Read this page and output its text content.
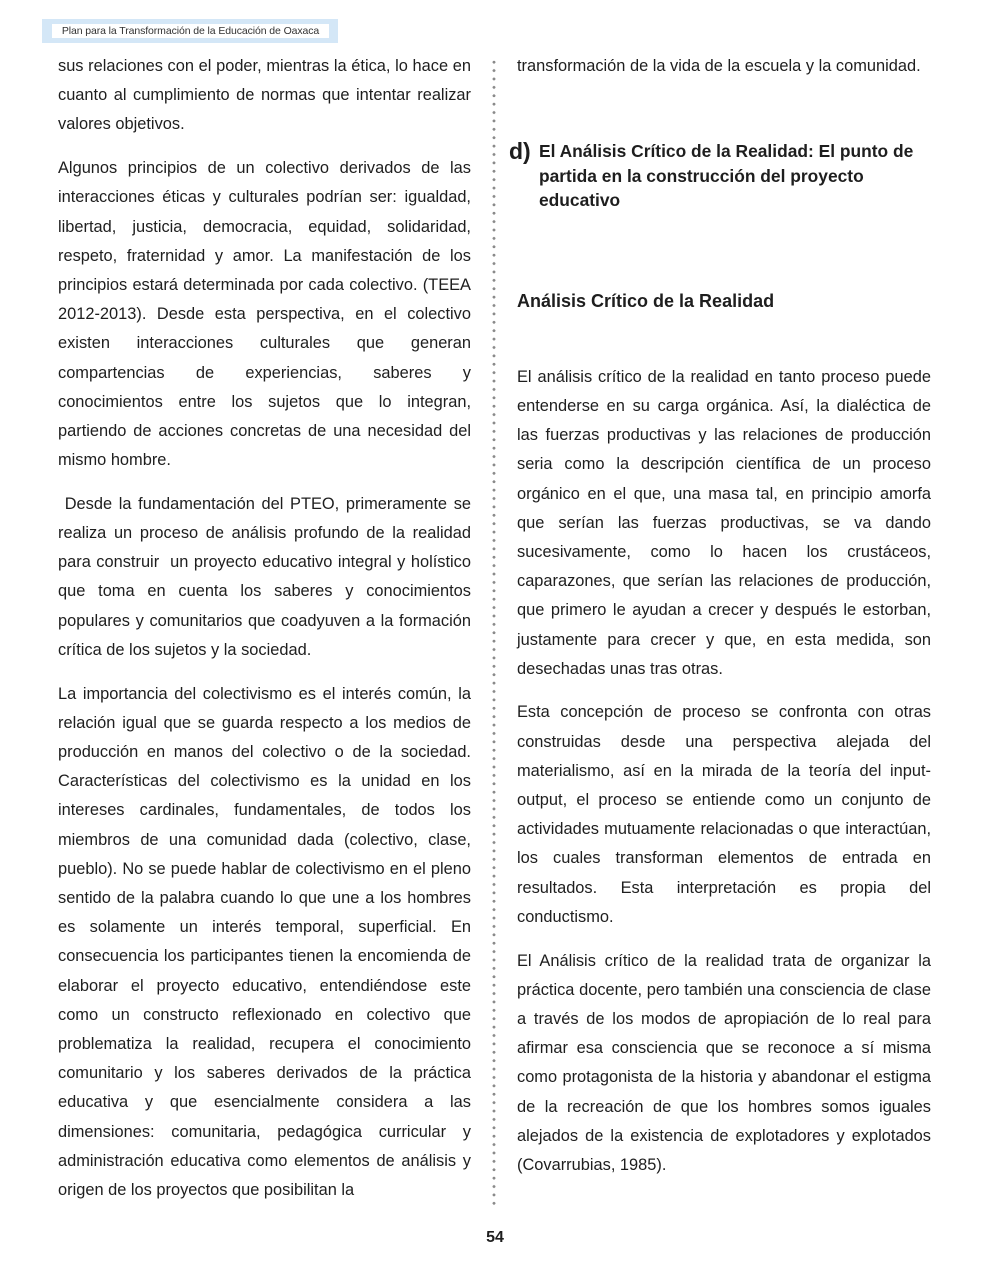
Plan para la Transformación de la Educación de Oaxaca

sus relaciones con el poder, mientras la ética, lo hace en cuanto al cumplimiento de normas que intentar realizar valores objetivos.

Algunos principios de un colectivo derivados de las interacciones éticas y culturales podrían ser: igualdad, libertad, justicia, democracia, equidad, solidaridad, respeto, fraternidad y amor. La manifestación de los principios estará determinada por cada colectivo. (TEEA 2012-2013). Desde esta perspectiva, en el colectivo existen interacciones culturales que generan compartencias de experiencias, saberes y conocimientos entre los sujetos que lo integran, partiendo de acciones concretas de una necesidad del mismo hombre.

Desde la fundamentación del PTEO, primeramente se realiza un proceso de análisis profundo de la realidad para construir  un proyecto educativo integral y holístico que toma en cuenta los saberes y conocimientos populares y comunitarios que coadyuven a la formación crítica de los sujetos y la sociedad.

La importancia del colectivismo es el interés común, la relación igual que se guarda respecto a los medios de producción en manos del colectivo o de la sociedad. Características del colectivismo es la unidad en los intereses cardinales, fundamentales, de todos los miembros de una comunidad dada (colectivo, clase, pueblo). No se puede hablar de colectivismo en el pleno sentido de la palabra cuando lo que une a los hombres es solamente un interés temporal, superficial. En consecuencia los participantes tienen la encomienda de elaborar el proyecto educativo, entendiéndose este como un constructo reflexionado en colectivo que problematiza la realidad, recupera el conocimiento comunitario y los saberes derivados de la práctica educativa y que esencialmente considera a las dimensiones: comunitaria, pedagógica curricular y administración educativa como elementos de análisis y origen de los proyectos que posibilitan la

transformación de la vida de la escuela y la comunidad.

d) El Análisis Crítico de la Realidad: El punto de partida en la construcción del proyecto educativo
Análisis Crítico de la Realidad

El análisis crítico de la realidad en tanto proceso puede entenderse en su carga orgánica. Así, la dialéctica de las fuerzas productivas y las relaciones de producción seria como la descripción científica de un proceso orgánico en el que, una masa tal, en principio amorfa que serían las fuerzas productivas, se va dando sucesivamente, como lo hacen los crustáceos, caparazones, que serían las relaciones de producción, que primero le ayudan a crecer y después le estorban, justamente para crecer y que, en esta medida, son desechadas unas tras otras.

Esta concepción de proceso se confronta con otras construidas desde una perspectiva alejada del materialismo, así en la mirada de la teoría del input-output, el proceso se entiende como un conjunto de actividades mutuamente relacionadas o que interactúan, los cuales transforman elementos de entrada en resultados. Esta interpretación es propia del conductismo.

El Análisis crítico de la realidad trata de organizar la práctica docente, pero también una consciencia de clase a través de los modos de apropiación de lo real para afirmar esa consciencia que se reconoce a sí misma como protagonista de la historia y abandonar el estigma de la recreación de que los hombres somos iguales alejados de la existencia de explotadores y explotados (Covarrubias, 1985).

54
